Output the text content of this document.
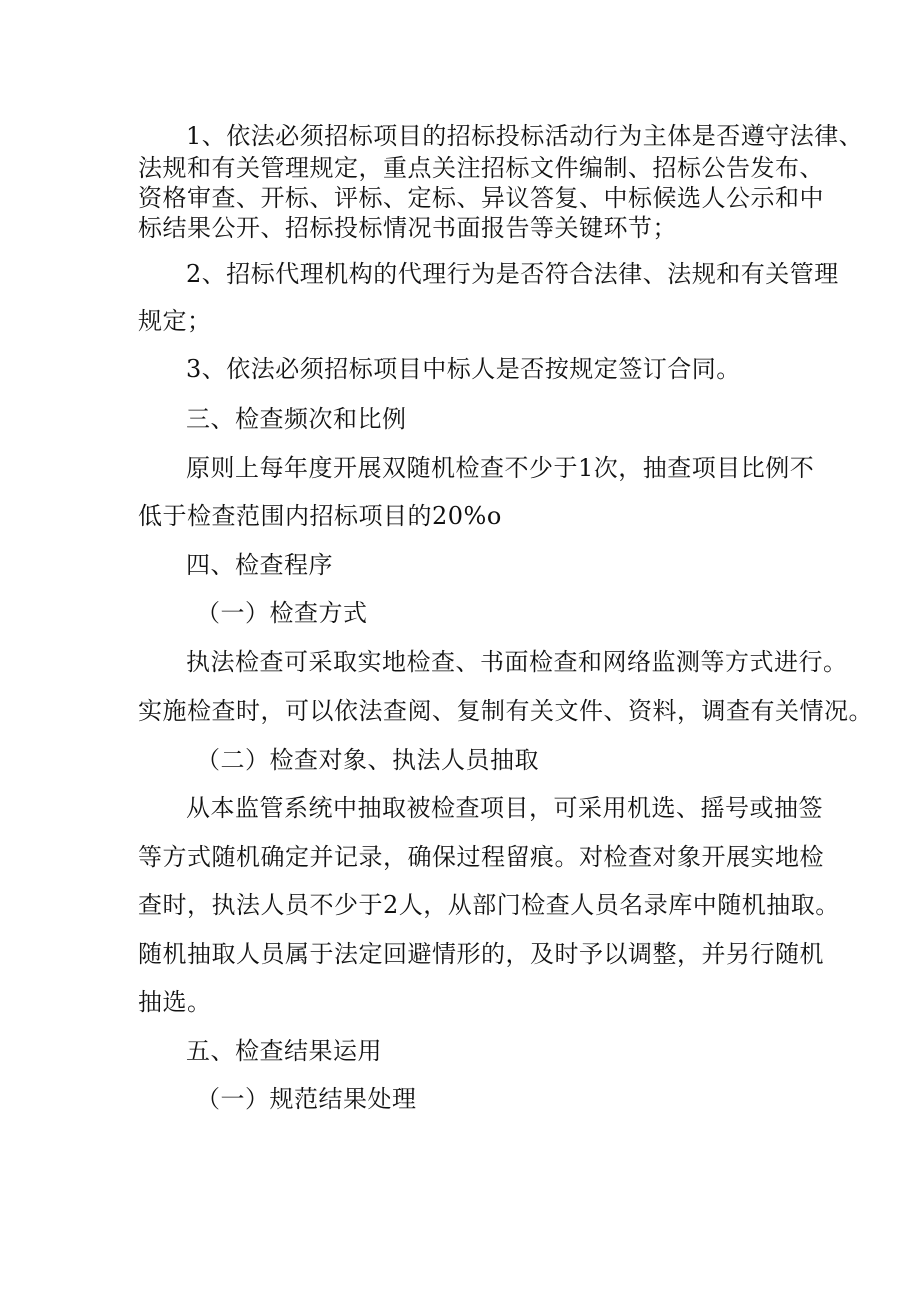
1、依法必须招标项目的招标投标活动行为主体是否遵守法律、
法规和有关管理规定，重点关注招标文件编制、招标公告发布、
资格审查、开标、评标、定标、异议答复、中标候选人公示和中
标结果公开、招标投标情况书面报告等关键环节；
2、招标代理机构的代理行为是否符合法律、法规和有关管理
规定；
3、依法必须招标项目中标人是否按规定签订合同。
三、检查频次和比例
原则上每年度开展双随机检查不少于1次，抽查项目比例不
低于检查范围内招标项目的20%o
四、检查程序
（一）检查方式
执法检查可采取实地检查、书面检查和网络监测等方式进行。
实施检查时，可以依法查阅、复制有关文件、资料，调查有关情况。
（二）检查对象、执法人员抽取
从本监管系统中抽取被检查项目，可采用机选、摇号或抽签
等方式随机确定并记录，确保过程留痕。对检查对象开展实地检
查时，执法人员不少于2人，从部门检查人员名录库中随机抽取。
随机抽取人员属于法定回避情形的，及时予以调整，并另行随机
抽选。
五、检查结果运用
（一）规范结果处理
